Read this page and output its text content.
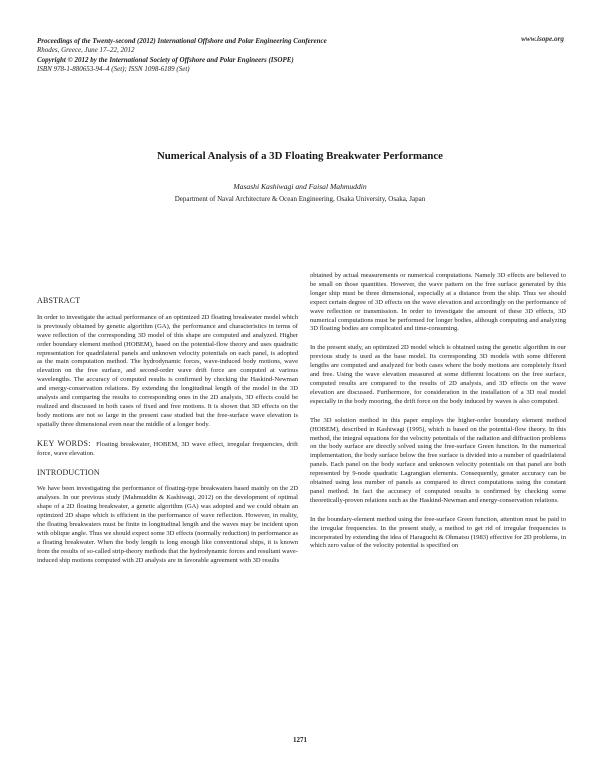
Proceedings of the Twenty-second (2012) International Offshore and Polar Engineering Conference
Rhodes, Greece, June 17–22, 2012
Copyright © 2012 by the International Society of Offshore and Polar Engineers (ISOPE)
ISBN 978-1-880653-94–4 (Set); ISSN 1098-6189 (Set)
www.isope.org
Numerical Analysis of a 3D Floating Breakwater Performance
Masashi Kashiwagi and Faisal Mahmuddin
Department of Naval Architecture & Ocean Engineering, Osaka University, Osaka, Japan
ABSTRACT

In order to investigate the actual performance of an optimized 2D floating breakwater model which is previously obtained by genetic algorithm (GA), the performance and characteristics in terms of wave reflection of the corresponding 3D model of this shape are computed and analyzed. Higher order boundary element method (HOBEM), based on the potential-flow theory and uses quadratic representation for quadrilateral panels and unknown velocity potentials on each panel, is adopted as the main computation method. The hydrodynamic forces, wave-induced body motions, wave elevation on the free surface, and second-order wave drift force are computed at various wavelengths. The accuracy of computed results is confirmed by checking the Haskind-Newman and energy-conservation relations. By extending the longitudinal length of the model in the 3D analysis and comparing the results to corresponding ones in the 2D analysis, 3D effects could be realized and discussed in both cases of fixed and free motions. It is shown that 3D effects on the body motions are not so large in the present case studied but the free-surface wave elevation is spatially three dimensional even near the middle of a longer body.

KEY WORDS: Floating breakwater, HOBEM, 3D wave effect, irregular frequencies, drift force, wave elevation.

INTRODUCTION

We have been investigating the performance of floating-type breakwaters based mainly on the 2D analyses. In our previous study (Mahmuddin & Kashiwagi, 2012) on the development of optimal shape of a 2D floating breakwater, a genetic algorithm (GA) was adopted and we could obtain an optimized 2D shape which is efficient in the performance of wave reflection. However, in reality, the floating breakwaters must be finite in longitudinal length and the waves may be incident upon with oblique angle. Thus we should expect some 3D effects (normally reduction) in performance as a floating breakwater. When the body length is long enough like conventional ships, it is known from the results of so-called strip-theory methods that the hydrodynamic forces and resultant wave-induced ship motions computed with 2D analysis are in favorable agreement with 3D results

obtained by actual measurements or numerical computations. Namely 3D effects are believed to be small on those quantities. However, the wave pattern on the free surface generated by this longer ship must be three dimensional, especially at a distance from the ship. Thus we should expect certain degree of 3D effects on the wave elevation and accordingly on the performance of wave reflection or transmission. In order to investigate the amount of these 3D effects, 3D numerical computations must be performed for longer bodies, although computing and analyzing 3D floating bodies are complicated and time-consuming.

In the present study, an optimized 2D model which is obtained using the genetic algorithm in our previous study is used as the base model. Its corresponding 3D models with some different lengths are computed and analyzed for both cases where the body motions are completely fixed and free. Using the wave elevation measured at some different locations on the free surface, computed results are compared to the results of 2D analysis, and 3D effects on the wave elevation are discussed. Furthermore, for consideration in the installation of a 3D real model especially in the body mooring, the drift force on the body induced by waves is also computed.

The 3D solution method in this paper employs the higher-order boundary element method (HOBEM), described in Kashiwagi (1995), which is based on the potential-flow theory. In this method, the integral equations for the velocity potentials of the radiation and diffraction problems on the body surface are directly solved using the free-surface Green function. In the numerical implementation, the body surface below the free surface is divided into a number of quadrilateral panels. Each panel on the body surface and unknown velocity potentials on that panel are both represented by 9-node quadratic Lagrangian elements. Consequently, greater accuracy can be obtained using less number of panels as compared to direct computations using the constant panel method. In fact the accuracy of computed results is confirmed by checking some theoretically-proven relations such as the Haskind-Newman and energy-conservation relations.

In the boundary-element method using the free-surface Green function, attention must be paid to the irregular frequencies. In the present study, a method to get rid of irregular frequencies is incorporated by extending the idea of Haraguchi & Ohmatsu (1983) effective for 2D problems, in which zero value of the velocity potential is specified on

1271
